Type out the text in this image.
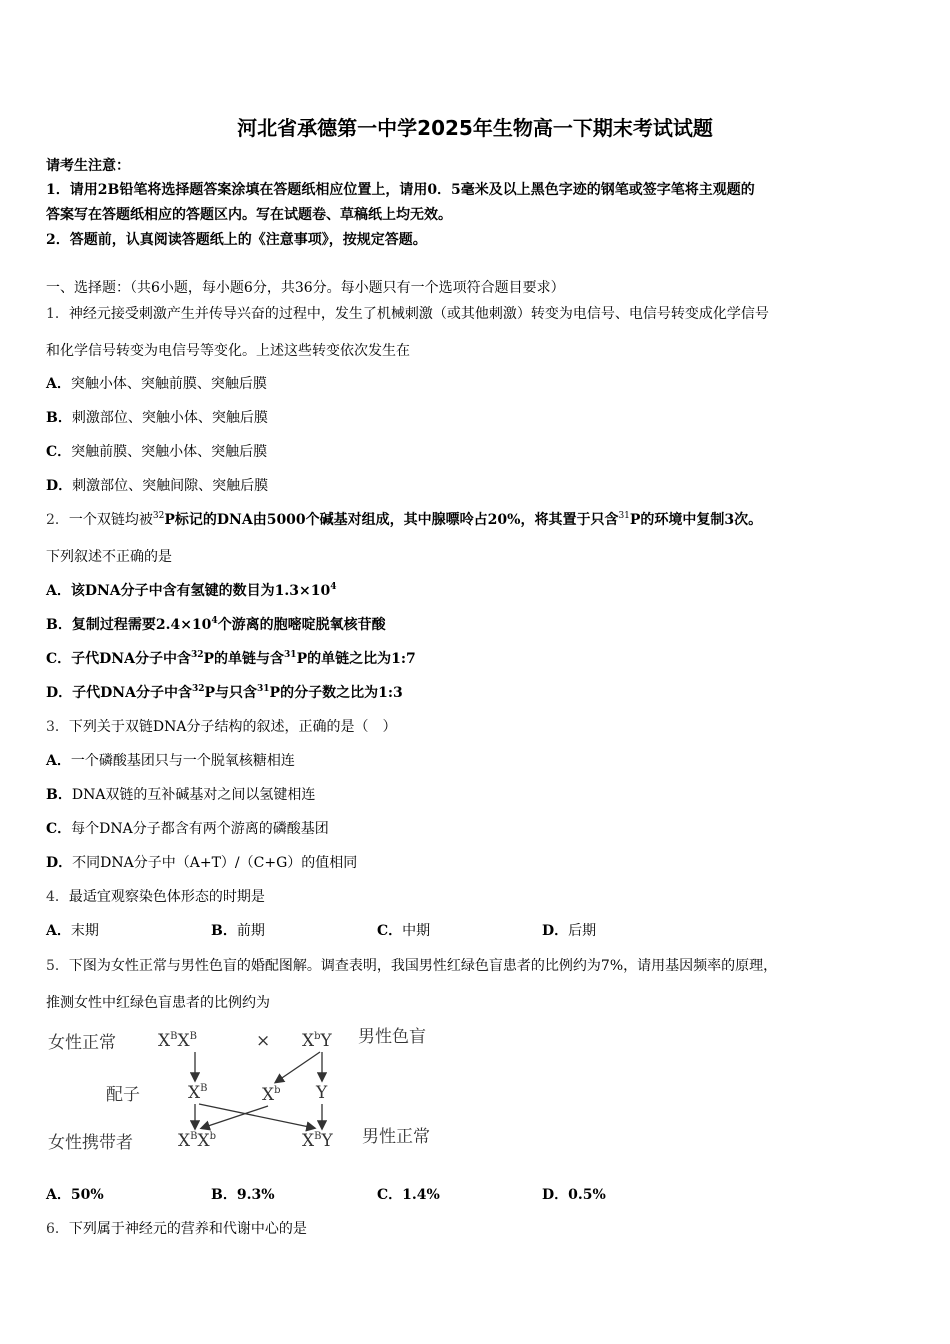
河北省承德第一中学2025年生物高一下期末考试试题
请考生注意：
1．请用2B铅笔将选择题答案涂填在答题纸相应位置上，请用0．5毫米及以上黑色字迹的钢笔或签字笔将主观题的
答案写在答题纸相应的答题区内。写在试题卷、草稿纸上均无效。
2．答题前，认真阅读答题纸上的《注意事项》，按规定答题。
一、选择题：（共6小题，每小题6分，共36分。每小题只有一个选项符合题目要求）
1．神经元接受刺激产生并传导兴奋的过程中，发生了机械刺激（或其他刺激）转变为电信号、电信号转变成化学信号
和化学信号转变为电信号等变化。上述这些转变依次发生在
A．突触小体、突触前膜、突触后膜
B．刺激部位、突触小体、突触后膜
C．突触前膜、突触小体、突触后膜
D．刺激部位、突触间隙、突触后膜
2．一个双链均被$^{32}$P标记的DNA由5000个碱基对组成，其中腺嘌呤占20%，将其置于只含$^{31}$P的环境中复制3次。
下列叙述不正确的是
A．该DNA分子中含有氢键的数目为$1.3\times 10^4$
B．复制过程需要$2.4\times 10^4$个游离的胞嘧啶脱氧核苷酸
C．子代DNA分子中含$^{32}$P的单链与含$^{31}$P的单链之比为1:7
D．子代DNA分子中含$^{32}$P与只含$^{31}$P的分子数之比为1:3
3．下列关于双链DNA分子结构的叙述，正确的是（　）
A．一个磷酸基团只与一个脱氧核糖相连
B．DNA双链的互补碱基对之间以氢键相连
C．每个DNA分子都含有两个游离的磷酸基团
D．不同DNA分子中（A+T）/（C+G）的值相同
4．最适宜观察染色体形态的时期是
A．末期	B．前期	C．中期	D．后期
5．下图为女性正常与男性色盲的婚配图解。调查表明，我国男性红绿色盲患者的比例约为7%，请用基因频率的原理，
推测女性中红绿色盲患者的比例约为
女性正常 $X^BX^B$	× $X^bY$ 男性色盲
配子	$X^B$	$X^b$ Y
女性携带者	$X^BX^b$	$X^BY$ 男性正常
A．50%	B．9.3%	C．1.4%	D．0.5%
6．下列属于神经元的营养和代谢中心的是
